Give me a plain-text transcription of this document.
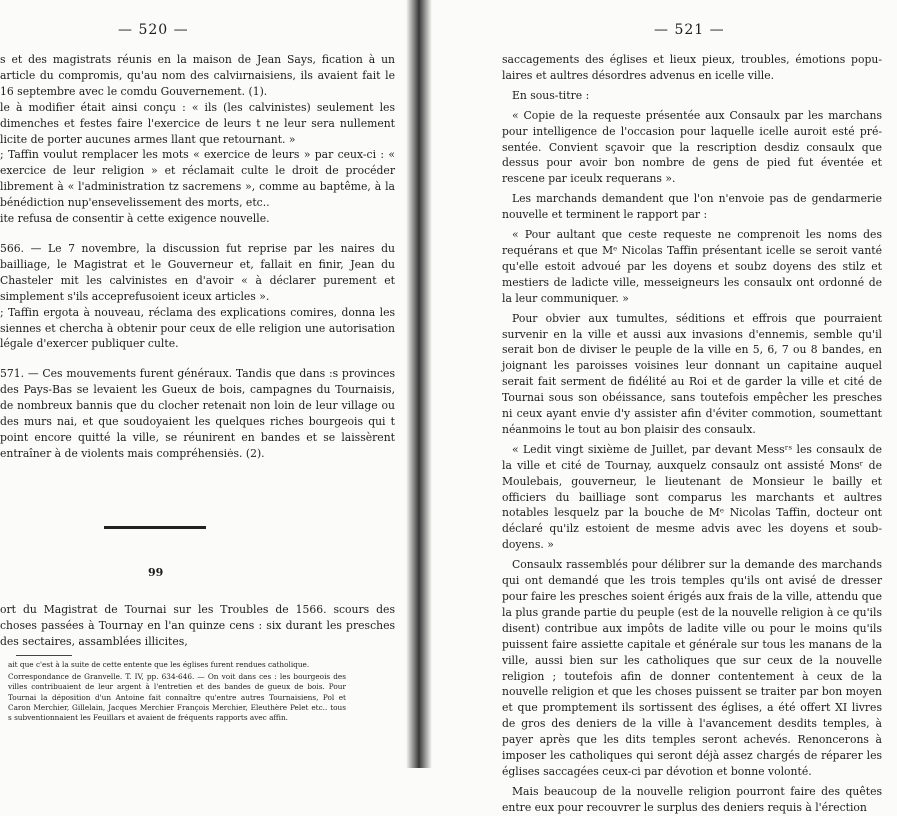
— 520 —

s et des magistrats réunis en la maison de Jean Says, fication à un article du compromis, qu'au nom des calviırnaisiens, ils avaient fait le 16 septembre avec le comdu Gouvernement. (1).

le à modifier était ainsi conçu : « ils (les calvinistes) seulement les dimenches et festes faire l'exercice de leurs t ne leur sera nullement licite de porter aucunes armes llant que retournant. »

; Taffin voulut remplacer les mots « exercice de leurs » par ceux-ci : « exercice de leur religion » et réclamait culte le droit de procéder librement à « l'administration tz sacremens », comme au baptême, à la bénédiction nup'ensevelissement des morts, etc..

ite refusa de consentir à cette exigence nouvelle.

566. — Le 7 novembre, la discussion fut reprise par les naires du bailliage, le Magistrat et le Gouverneur et, fallait en finir, Jean du Chasteler mit les calvinistes en d'avoir « à déclarer purement et simplement s'ils acceprefusoient iceux articles ».

; Taffin ergota à nouveau, réclama des explications comires, donna les siennes et chercha à obtenir pour ceux de elle religion une autorisation légale d'exercer publiquer culte.

571. — Ces mouvements furent généraux. Tandis que dans :s provinces des Pays-Bas se levaient les Gueux de bois, campagnes du Tournaisis, de nombreux bannis que du clocher retenait non loin de leur village ou des murs nai, et que soudoyaient les quelques riches bourgeois qui t point encore quitté la ville, se réunirent en bandes et se laissèrent entraîner à de violents mais compréhensiės. (2).

99

ort du Magistrat de Tournai sur les Troubles de 1566. scours des choses passées à Tournay en l'an quinze cens : six durant les presches des sectaires, assamblées illicites,

ait que c'est à la suite de cette entente que les églises furent rendues catholique.

Correspondance de Granvelle. T. IV, pp. 634-646. — On voit dans ces : les bourgeois des villes contribuaient de leur argent à l'entretien et des bandes de gueux de bois. Pour Tournai la déposition d'un Antoine fait connaître qu'entre autres Tournaisiens, Pol et Caron Merchier, Gillelain, Jacques Merchier François Merchier, Eleuthère Pelet etc.. tous s subventionnaient les Feuillars et avaient de fréquents rapports avec affin.

— 521 —

saccagements des églises et lieux pieux, troubles, émotions populaires et aultres désordres advenus en icelle ville.

En sous-titre :

« Copie de la requeste présentée aux Consaulx par les marchans pour intelligence de l'occasion pour laquelle icelle auroit esté présentée. Convient sçavoir que la rescription desdiz consaulx que dessus pour avoir bon nombre de gens de pied fut éventée et rescene par iceulx requerans ».

Les marchands demandent que l'on n'envoie pas de gendarmerie nouvelle et terminent le rapport par :

« Pour aultant que ceste requeste ne comprenoit les noms des requérans et que Mᵉ Nicolas Taffin présentant icelle se seroit vanté qu'elle estoit advoué par les doyens et soubz doyens des stilz et mestiers de ladicte ville, messeigneurs les consaulx ont ordonné de la leur communiquer. »

Pour obvier aux tumultes, séditions et effrois que pourraient survenir en la ville et aussi aux invasions d'ennemis, semble qu'il serait bon de diviser le peuple de la ville en 5, 6, 7 ou 8 bandes, en joignant les paroisses voisines leur donnant un capitaine auquel serait fait serment de fidélité au Roi et de garder la ville et cité de Tournai sous son obéissance, sans toutefois empêcher les presches ni ceux ayant envie d'y assister afin d'éviter commotion, soumettant néanmoins le tout au bon plaisir des consaulx.

« Ledit vingt sixième de Juillet, par devant Messʳˢ les consaulx de la ville et cité de Tournay, auxquelz consaulz ont assisté Monsʳ de Moulebais, gouverneur, le lieutenant de Monsieur le bailly et officiers du bailliage sont comparus les marchants et aultres notables lesquelz par la bouche de Mᵉ Nicolas Taffin, docteur ont déclaré qu'ilz estoient de mesme advis avec les doyens et soubdoyens. »

Consaulx rassemblés pour délibrer sur la demande des marchands qui ont demandé que les trois temples qu'ils ont avisé de dresser pour faire les presches soient érigés aux frais de la ville, attendu que la plus grande partie du peuple (est de la nouvelle religion à ce qu'ils disent) contribue aux impôts de ladite ville ou pour le moins qu'ils puissent faire assiette capitale et générale sur tous les manans de la ville, aussi bien sur les catholiques que sur ceux de la nouvelle religion ; toutefois afin de donner contentement à ceux de la nouvelle religion et que les choses puissent se traiter par bon moyen et que promptement ils sortissent des églises, a été offert XI livres de gros des deniers de la ville à l'avancement desdits temples, à payer après que les dits temples seront achevés. Renoncerons à imposer les catholiques qui seront déjà assez chargés de réparer les églises saccagées ceux-ci par dévotion et bonne volonté.

Mais beaucoup de la nouvelle religion pourront faire des quêtes entre eux pour recouvrer le surplus des deniers requis à l'érection
